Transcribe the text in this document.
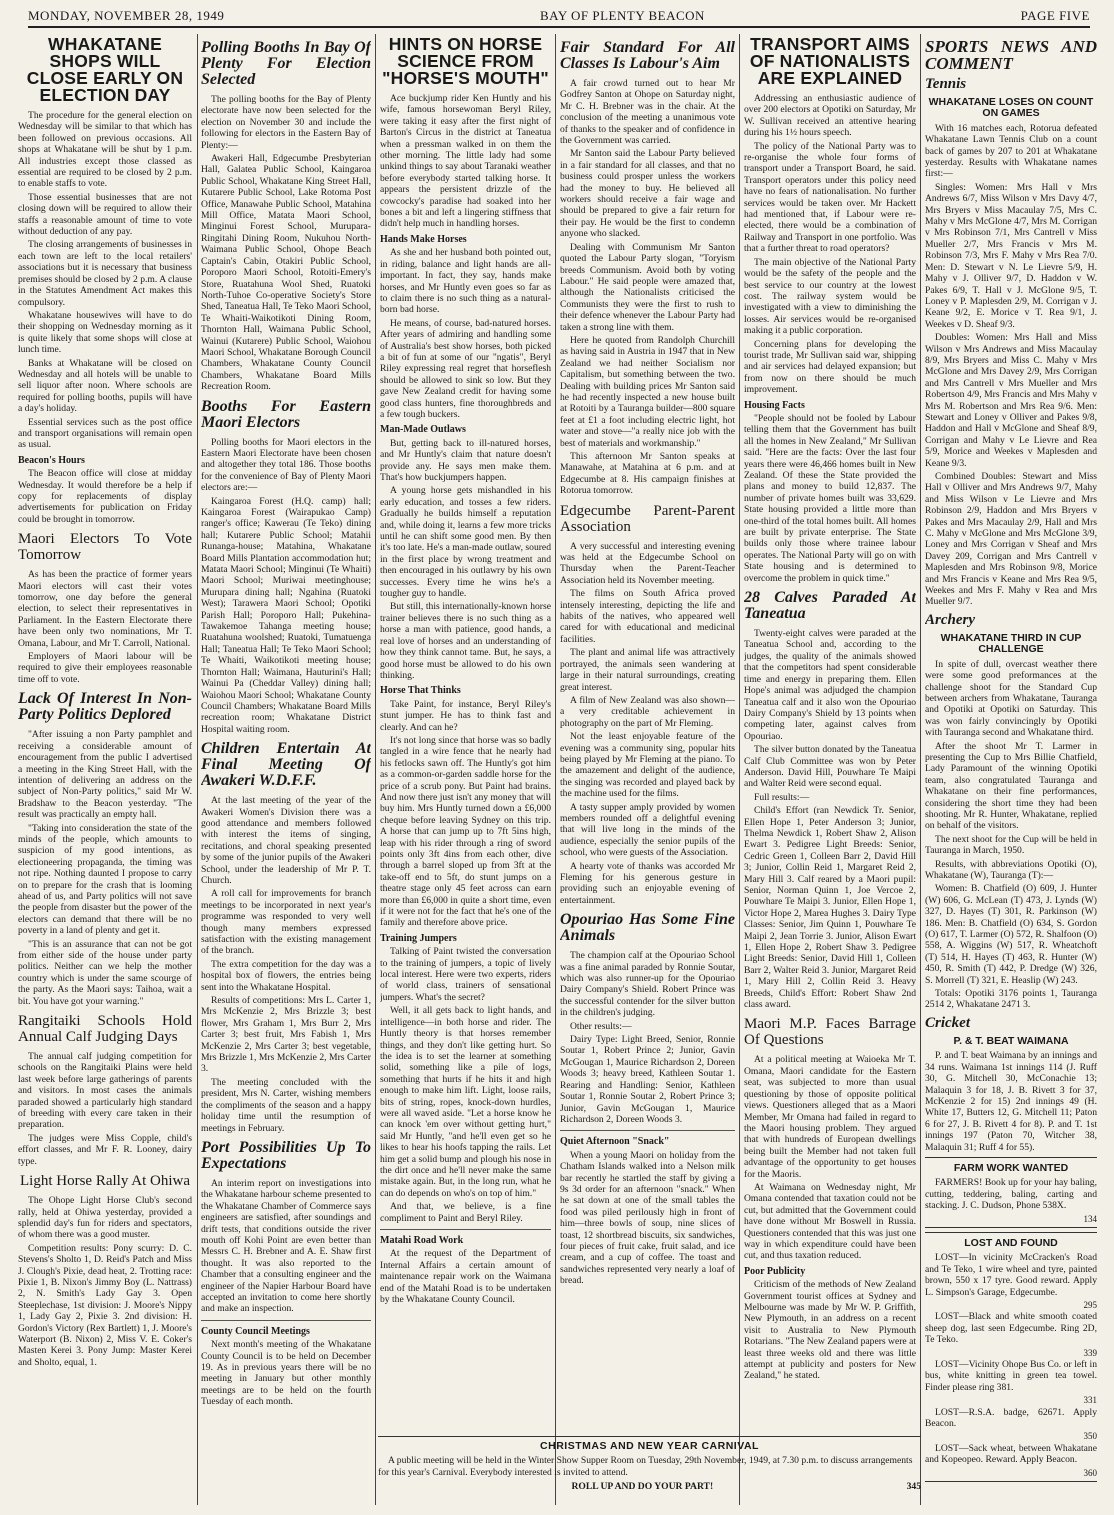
MONDAY, NOVEMBER 28, 1949	BAY OF PLENTY BEACON	PAGE FIVE
WHAKATANE SHOPS WILL CLOSE EARLY ON ELECTION DAY

The procedure for the general election on Wednesday will be similar to that which has been followed on previous occasions. All shops at Whakatane will be shut by 1 p.m. All industries except those classed as essential are required to be closed by 2 p.m. to enable staffs to vote.

Those essential businesses that are not closing down will be required to allow their staffs a reasonable amount of time to vote without deduction of any pay.

The closing arrangements of businesses in each town are left to the local retailers' associations but it is necessary that business premises should be closed by 2 p.m. A clause in the Statutes Amendment Act makes this compulsory.

Whakatane housewives will have to do their shopping on Wednesday morning as it is quite likely that some shops will close at lunch time.

Banks at Whakatane will be closed on Wednesday and all hotels will be unable to sell liquor after noon. Where schools are required for polling booths, pupils will have a day's holiday.

Essential services such as the post office and transport organisations will remain open as usual.

Beacon's Hours

The Beacon office will close at midday Wednesday. It would therefore be a help if copy for replacements of display advertisements for publication on Friday could be brought in tomorrow.

Maori Electors To Vote Tomorrow

As has been the practice of former years Maori electors will cast their votes tomorrow, one day before the general election, to select their representatives in Parliament. In the Eastern Electorate there have been only two nominations, Mr T. Omana, Labour, and Mr T. Carroll, National.

Employers of Maori labour will be required to give their employees reasonable time off to vote.

Lack Of Interest In Non-Party Politics Deplored

"After issuing a non Party pamphlet and receiving a considerable amount of encouragement from the public I advertised a meeting in the King Street Hall, with the intention of delivering an address on the subject of Non-Party politics," said Mr W. Bradshaw to the Beacon yesterday. "The result was practically an empty hall.

"Taking into consideration the state of the minds of the people, which amounts to suspicion of my good intentions, as electioneering propaganda, the timing was not ripe. Nothing daunted I propose to carry on to prepare for the crash that is looming ahead of us, and Party politics will not save the people from disaster but the power of the electors can demand that there will be no poverty in a land of plenty and get it.

"This is an assurance that can not be got from either side of the house under party politics. Neither can we help the mother country which is under the same scourge of the party. As the Maori says: Taihoa, wait a bit. You have got your warning."

Rangitaiki Schools Hold Annual Calf Judging Days

The annual calf judging competition for schools on the Rangitaiki Plains were held last week before large gatherings of parents and visitors. In most cases the animals paraded showed a particularly high standard of breeding with every care taken in their preparation.

The judges were Miss Copple, child's effort classes, and Mr F. R. Looney, dairy type.

Light Horse Rally At Ohiwa

The Ohope Light Horse Club's second rally, held at Ohiwa yesterday, provided a splendid day's fun for riders and spectators, of whom there was a good muster.

Competition results: Pony scurry: D. C. Stevens's Sholto 1, D. Reid's Patch and Miss J. Clough's Pixie, dead heat, 2. Trotting race: Pixie 1, B. Nixon's Jimmy Boy (L. Nattrass) 2, N. Smith's Lady Gay 3. Open Steeplechase, 1st division: J. Moore's Nippy 1, Lady Gay 2, Pixie 3. 2nd division: H. Gordon's Victory (Rex Bartlett) 1, J. Moore's Waterport (B. Nixon) 2, Miss V. E. Coker's Masten Kerei 3. Pony Jump: Master Kerei and Sholto, equal, 1.

Polling Booths In Bay Of Plenty For Election Selected

The polling booths for the Bay of Plenty electorate have now been selected for the election on November 30 and include the following for electors in the Eastern Bay of Plenty:—

Awakeri Hall, Edgecumbe Presbyterian Hall, Galatea Public School, Kaingaroa Public School, Whakatane King Street Hall, Kutarere Public School, Lake Rotoma Post Office, Manawahe Public School, Matahina Mill Office, Matata Maori School, Minginui Forest School, Murupara-Ringitahi Dining Room, Nukuhou North-Waimana Public School, Ohope Beach Captain's Cabin, Otakiri Public School, Poroporo Maori School, Rotoiti-Emery's Store, Ruatahuna Wool Shed, Ruatoki North-Tuhoe Co-operative Society's Store Shed, Taneatua Hall, Te Teko Maori School, Te Whaiti-Waikotikoti Dining Room, Thornton Hall, Waimana Public School, Wainui (Kutarere) Public School, Waiohou Maori School, Whakatane Borough Council Chambers, Whakatane County Council Chambers, Whakatane Board Mills Recreation Room.

Booths For Eastern Maori Electors

Polling booths for Maori electors in the Eastern Maori Electorate have been chosen and altogether they total 186. Those booths for the convenience of Bay of Plenty Maori electors are:—

Kaingaroa Forest (H.Q. camp) hall; Kaingaroa Forest (Wairapukao Camp) ranger's office; Kawerau (Te Teko) dining hall; Kutarere Public School; Matahii Runanga-house; Matahina, Whakatane Board Mills Plantation accommodation hut; Matata Maori School; Minginui (Te Whaiti) Maori School; Muriwai meetinghouse; Murupara dining hall; Ngahina (Ruatoki West); Tarawera Maori School; Opotiki Parish Hall; Poroporo Hall; Pukehina-Tawakemoe Tahanga meeting house; Ruatahuna woolshed; Ruatoki, Tumatuenga Hall; Taneatua Hall; Te Teko Maori School; Te Whaiti, Waikotikoti meeting house; Thornton Hall; Waimana, Hauturini's Hall; Wainui Pa (Cheddar Valley) dining hall; Waiohou Maori School; Whakatane County Council Chambers; Whakatane Board Mills recreation room; Whakatane District Hospital waiting room.

Children Entertain At Final Meeting Of Awakeri W.D.F.F.

At the last meeting of the year of the Awakeri Women's Division there was a good attendance and members followed with interest the items of singing, recitations, and choral speaking presented by some of the junior pupils of the Awakeri School, under the leadership of Mr P. T. Church.

A roll call for improvements for branch meetings to be incorporated in next year's programme was responded to very well though many members expressed satisfaction with the existing management of the branch.

The extra competition for the day was a hospital box of flowers, the entries being sent into the Whakatane Hospital.

Results of competitions: Mrs L. Carter 1, Mrs McKenzie 2, Mrs Brizzle 3; best flower, Mrs Graham 1, Mrs Burr 2, Mrs Carter 3; best fruit, Mrs Fabish 1, Mrs McKenzie 2, Mrs Carter 3; best vegetable, Mrs Brizzle 1, Mrs McKenzie 2, Mrs Carter 3.

The meeting concluded with the president, Mrs N. Carter, wishing members the compliments of the season and a happy holiday time until the resumption of meetings in February.

Port Possibilities Up To Expectations

An interim report on investigations into the Whakatane harbour scheme presented to the Whakatane Chamber of Commerce says engineers are satisfied, after soundings and drift tests, that conditions outside the river mouth off Kohi Point are even better than Messrs C. H. Brebner and A. E. Shaw first thought. It was also reported to the Chamber that a consulting engineer and the engineer of the Napier Harbour Board have accepted an invitation to come here shortly and make an inspection.

County Council Meetings

Next month's meeting of the Whakatane County Council is to be held on December 19. As in previous years there will be no meeting in January but other monthly meetings are to be held on the fourth Tuesday of each month.

HINTS ON HORSE SCIENCE FROM "HORSE'S MOUTH"

Ace buckjump rider Ken Huntly and his wife, famous horsewoman Beryl Riley, were taking it easy after the first night of Barton's Circus in the district at Taneatua when a pressman walked in on them the other morning. The little lady had some unkind things to say about Taranaki weather before everybody started talking horse. It appears the persistent drizzle of the cowcocky's paradise had soaked into her bones a bit and left a lingering stiffness that didn't help much in handling horses.

Hands Make Horses

As she and her husband both pointed out, in riding, balance and light hands are all-important. In fact, they say, hands make horses, and Mr Huntly even goes so far as to claim there is no such thing as a natural-born bad horse.

He means, of course, bad-natured horses. After years of admiring and handling some of Australia's best show horses, both picked a bit of fun at some of our "ngatis", Beryl Riley expressing real regret that horseflesh should be allowed to sink so low. But they gave New Zealand credit for having some good class hunters, fine thoroughbreds and a few tough buckers.

Man-Made Outlaws

But, getting back to ill-natured horses, and Mr Huntly's claim that nature doesn't provide any. He says men make them. That's how buckjumpers happen.

A young horse gets mishandled in his early education, and tosses a few riders. Gradually he builds himself a reputation and, while doing it, learns a few more tricks until he can shift some good men. By then it's too late. He's a man-made outlaw, soured in the first place by wrong treatment and then encouraged in his outlawry by his own successes. Every time he wins he's a tougher guy to handle.

But still, this internationally-known horse trainer believes there is no such thing as a horse a man with patience, good hands, a real love of horses and an understanding of how they think cannot tame. But, he says, a good horse must be allowed to do his own thinking.

Horse That Thinks

Take Paint, for instance, Beryl Riley's stunt jumper. He has to think fast and clearly. And can he?

It's not long since that horse was so badly tangled in a wire fence that he nearly had his fetlocks sawn off. The Huntly's got him as a common-or-garden saddle horse for the price of a scrub pony. But Paint had brains. And now there just isn't any money that will buy him. Mrs Huntly turned down a £6,000 cheque before leaving Sydney on this trip. A horse that can jump up to 7ft 5ins high, leap with his rider through a ring of sword points only 3ft 4ins from each other, dive through a barrel sloped up from 3ft at the take-off end to 5ft, do stunt jumps on a theatre stage only 45 feet across can earn more than £6,000 in quite a short time, even if it were not for the fact that he's one of the family and therefore above price.

Training Jumpers

Talking of Paint twisted the conversation to the training of jumpers, a topic of lively local interest. Here were two experts, riders of world class, trainers of sensational jumpers. What's the secret?

Well, it all gets back to light hands, and intelligence—in both horse and rider. The Huntly theory is that horses remember things, and they don't like getting hurt. So the idea is to set the learner at something solid, something like a pile of logs, something that hurts if he hits it and high enough to make him lift. Light, loose rails, bits of string, ropes, knock-down hurdles, were all waved aside. "Let a horse know he can knock 'em over without getting hurt," said Mr Huntly, "and he'll even get so he likes to hear his hoofs tapping the rails. Let him get a solid bump and plough his nose in the dirt once and he'll never make the same mistake again. But, in the long run, what he can do depends on who's on top of him."

And that, we believe, is a fine compliment to Paint and Beryl Riley.

Matahi Road Work

At the request of the Department of Internal Affairs a certain amount of maintenance repair work on the Waimana end of the Matahi Road is to be undertaken by the Whakatane County Council.

Fair Standard For All Classes Is Labour's Aim

A fair crowd turned out to hear Mr Godfrey Santon at Ohope on Saturday night, Mr C. H. Brebner was in the chair. At the conclusion of the meeting a unanimous vote of thanks to the speaker and of confidence in the Government was carried.

Mr Santon said the Labour Party believed in a fair standard for all classes, and that no business could prosper unless the workers had the money to buy. He believed all workers should receive a fair wage and should be prepared to give a fair return for their pay. He would be the first to condemn anyone who slacked.

Dealing with Communism Mr Santon quoted the Labour Party slogan, "Toryism breeds Communism. Avoid both by voting Labour." He said people were amazed that, although the Nationalists criticised the Communists they were the first to rush to their defence whenever the Labour Party had taken a strong line with them.

Here he quoted from Randolph Churchill as having said in Austria in 1947 that in New Zealand we had neither Socialism nor Capitalism, but something between the two. Dealing with building prices Mr Santon said he had recently inspected a new house built at Rotoiti by a Tauranga builder—800 square feet at £1 a foot including electric light, hot water and stove—"a really nice job with the best of materials and workmanship."

This afternoon Mr Santon speaks at Manawahe, at Matahina at 6 p.m. and at Edgecumbe at 8. His campaign finishes at Rotorua tomorrow.

Edgecumbe Parent-Parent Association

A very successful and interesting evening was held at the Edgecumbe School on Thursday when the Parent-Teacher Association held its November meeting.

The films on South Africa proved intensely interesting, depicting the life and habits of the natives, who appeared well cared for with educational and medicinal facilities.

The plant and animal life was attractively portrayed, the animals seen wandering at large in their natural surroundings, creating great interest.

A film of New Zealand was also shown—a very creditable achievement in photography on the part of Mr Fleming.

Not the least enjoyable feature of the evening was a community sing, popular hits being played by Mr Fleming at the piano. To the amazement and delight of the audience, the singing was recorded and played back by the machine used for the films.

A tasty supper amply provided by women members rounded off a delightful evening that will live long in the minds of the audience, especially the senior pupils of the school, who were guests of the Association.

A hearty vote of thanks was accorded Mr Fleming for his generous gesture in providing such an enjoyable evening of entertainment.

Opouriao Has Some Fine Animals

The champion calf at the Opouriao School was a fine animal paraded by Ronnie Soutar, which was also runner-up for the Opouriao Dairy Company's Shield. Robert Prince was the successful contender for the silver button in the children's judging.

Other results:—

Dairy Type: Light Breed, Senior, Ronnie Soutar 1, Robert Prince 2; Junior, Gavin McGougan 1, Maurice Richardson 2, Doreen Woods 3; heavy breed, Kathleen Soutar 1. Rearing and Handling: Senior, Kathleen Soutar 1, Ronnie Soutar 2, Robert Prince 3; Junior, Gavin McGougan 1, Maurice Richardson 2, Doreen Woods 3.

Quiet Afternoon "Snack"

When a young Maori on holiday from the Chatham Islands walked into a Nelson milk bar recently he startled the staff by giving a 9s 3d order for an afternoon "snack." When he sat down at one of the small tables the food was piled perilously high in front of him—three bowls of soup, nine slices of toast, 12 shortbread biscuits, six sandwiches, four pieces of fruit cake, fruit salad, and ice cream, and a cup of coffee. The toast and sandwiches represented very nearly a loaf of bread.

TRANSPORT AIMS OF NATIONALISTS ARE EXPLAINED

Addressing an enthusiastic audience of over 200 electors at Opotiki on Saturday, Mr W. Sullivan received an attentive hearing during his 1½ hours speech.

The policy of the National Party was to re-organise the whole four forms of transport under a Transport Board, he said. Transport operators under this policy need have no fears of nationalisation. No further services would be taken over. Mr Hackett had mentioned that, if Labour were re-elected, there would be a combination of Railway and Transport in one portfolio. Was that a further threat to road operators?

The main objective of the National Party would be the safety of the people and the best service to our country at the lowest cost. The railway system would be investigated with a view to diminishing the losses. Air services would be re-organised making it a public corporation.

Concerning plans for developing the tourist trade, Mr Sullivan said war, shipping and air services had delayed expansion; but from now on there should be much improvement.

Housing Facts

"People should not be fooled by Labour telling them that the Government has built all the homes in New Zealand," Mr Sullivan said. "Here are the facts: Over the last four years there were 46,466 homes built in New Zealand. Of these the State provided the plans and money to build 12,837. The number of private homes built was 33,629. State housing provided a little more than one-third of the total homes built. All homes are built by private enterprise. The State builds only those where trainee labour operates. The National Party will go on with State housing and is determined to overcome the problem in quick time."

28 Calves Paraded At Taneatua

Twenty-eight calves were paraded at the Taneatua School and, according to the judges, the quality of the animals showed that the competitors had spent considerable time and energy in preparing them. Ellen Hope's animal was adjudged the champion Taneatua calf and it also won the Opouriao Dairy Company's Shield by 13 points when competing later, against calves from Opouriao.

The silver button donated by the Taneatua Calf Club Committee was won by Peter Anderson. David Hill, Pouwhare Te Maipi and Walter Reid were second equal.

Full results:—

Child's Effort (ran Newdick Tr. Senior, Ellen Hope 1, Peter Anderson 3; Junior, Thelma Newdick 1, Robert Shaw 2, Alison Ewart 3. Pedigree Light Breeds: Senior, Cedric Green 1, Colleen Barr 2, David Hill 3; Junior, Collin Reid 1, Margaret Reid 2, Mary Hill 3. Calf reared by a Maori pupil: Senior, Norman Quinn 1, Joe Vercoe 2, Pouwhare Te Maipi 3. Junior, Ellen Hope 1, Victor Hope 2, Marea Hughes 3. Dairy Type Classes: Senior, Jim Quinn 1, Pouwhare Te Maipi 2, Jean Torrie 3. Junior, Alison Ewart 1, Ellen Hope 2, Robert Shaw 3. Pedigree Light Breeds: Senior, David Hill 1, Colleen Barr 2, Walter Reid 3. Junior, Margaret Reid 1, Mary Hill 2, Collin Reid 3. Heavy Breeds, Child's Effort: Robert Shaw 2nd class award.

Maori M.P. Faces Barrage Of Questions

At a political meeting at Waioeka Mr T. Omana, Maori candidate for the Eastern seat, was subjected to more than usual questioning by those of opposite political views. Questioners alleged that as a Maori Member, Mr Omana had failed in regard to the Maori housing problem. They argued that with hundreds of European dwellings being built the Member had not taken full advantage of the opportunity to get houses for the Maoris.

At Waimana on Wednesday night, Mr Omana contended that taxation could not be cut, but admitted that the Government could have done without Mr Boswell in Russia. Questioners contended that this was just one way in which expenditure could have been cut, and thus taxation reduced.

Poor Publicity

Criticism of the methods of New Zealand Government tourist offices at Sydney and Melbourne was made by Mr W. P. Griffith, New Plymouth, in an address on a recent visit to Australia to New Plymouth Rotarians. "The New Zealand papers were at least three weeks old and there was little attempt at publicity and posters for New Zealand," he stated.

SPORTS NEWS AND COMMENT
Tennis
WHAKATANE LOSES ON COUNT ON GAMES

With 16 matches each, Rotorua defeated Whakatane Lawn Tennis Club on a count back of games by 207 to 201 at Whakatane yesterday. Results with Whakatane names first:—

Singles: Women: Mrs Hall v Mrs Andrews 6/7, Miss Wilson v Mrs Davy 4/7, Mrs Bryers v Miss Macaulay 7/5, Mrs C. Mahy v Mrs McGlone 4/7, Mrs M. Corrigan v Mrs Robinson 7/1, Mrs Cantrell v Miss Mueller 2/7, Mrs Francis v Mrs M. Robinson 7/3, Mrs F. Mahy v Mrs Rea 7/0. Men: D. Stewart v N. Le Lievre 5/9, H. Mahy v J. Olliver 9/7, D. Haddon v W. Pakes 6/9, T. Hall v J. McGlone 9/5, T. Loney v P. Maplesden 2/9, M. Corrigan v J. Keane 9/2, E. Morice v T. Rea 9/1, J. Weekes v D. Sheaf 9/3.

Doubles: Women: Mrs Hall and Miss Wilson v Mrs Andrews and Miss Macaulay 8/9, Mrs Bryers and Miss C. Mahy v Mrs McGlone and Mrs Davey 2/9, Mrs Corrigan and Mrs Cantrell v Mrs Mueller and Mrs Robertson 4/9, Mrs Francis and Mrs Mahy v Mrs M. Robertson and Mrs Rea 9/6. Men: Stewart and Loney v Olliver and Pakes 9/8, Haddon and Hall v McGlone and Sheaf 8/9, Corrigan and Mahy v Le Lievre and Rea 5/9, Morice and Weekes v Maplesden and Keane 9/3.

Combined Doubles: Stewart and Miss Hall v Olliver and Mrs Andrews 9/7, Mahy and Miss Wilson v Le Lievre and Mrs Robinson 2/9, Haddon and Mrs Bryers v Pakes and Mrs Macaulay 2/9, Hall and Mrs C. Mahy v McGlone and Mrs McGlone 3/9, Loney and Mrs Corrigan v Sheaf and Mrs Davey 209, Corrigan and Mrs Cantrell v Maplesden and Mrs Robinson 9/8, Morice and Mrs Francis v Keane and Mrs Rea 9/5, Weekes and Mrs F. Mahy v Rea and Mrs Mueller 9/7.

Archery
WHAKATANE THIRD IN CUP CHALLENGE

In spite of dull, overcast weather there were some good preformances at the challenge shoot for the Standard Cup between archers from Whakatane, Tauranga and Opotiki at Opotiki on Saturday. This was won fairly convincingly by Opotiki with Tauranga second and Whakatane third.

After the shoot Mr T. Larmer in presenting the Cup to Mrs Billie Chatfield, Lady Paramount of the winning Opotiki team, also congratulated Tauranga and Whakatane on their fine performances, considering the short time they had been shooting. Mr R. Hunter, Whakatane, replied on behalf of the visitors.

The next shoot for the Cup will be held in Tauranga in March, 1950.

Results, with abbreviations Opotiki (O), Whakatane (W), Tauranga (T):—

Women: B. Chatfield (O) 609, J. Hunter (W) 606, G. McLean (T) 473, J. Lynds (W) 327, D. Hayes (T) 301, R. Parkinson (W) 186. Men: B. Chatfield (O) 634, S. Gordon (O) 617, T. Larmer (O) 572, R. Shalfoon (O) 558, A. Wiggins (W) 517, R. Wheatchoft (T) 514, H. Hayes (T) 463, R. Hunter (W) 450, R. Smith (T) 442, P. Dredge (W) 326, S. Morrell (T) 321, E. Heaslip (W) 243.

Totals: Opotiki 3176 points 1, Tauranga 2514 2, Whakatane 2471 3.

Cricket
P. & T. BEAT WAIMANA

P. and T. beat Waimana by an innings and 34 runs. Waimana 1st innings 114 (J. Ruff 30, G. Mitchell 30, McConachie 13; Malaquin 3 for 18, J. B. Rivett 3 for 37, McKenzie 2 for 15) 2nd innings 49 (H. White 17, Butters 12, G. Mitchell 11; Paton 6 for 27, J. B. Rivett 4 for 8). P. and T. 1st innings 197 (Paton 70, Witcher 38, Malaquin 31; Ruff 4 for 55).

FARM WORK WANTED

FARMERS! Book up for your hay baling, cutting, teddering, baling, carting and stacking. J. C. Dudson, Phone 538X.

134
LOST AND FOUND

LOST—In vicinity McCracken's Road and Te Teko, 1 wire wheel and tyre, painted brown, 550 x 17 tyre. Good reward. Apply L. Simpson's Garage, Edgecumbe.

295

LOST—Black and white smooth coated sheep dog, last seen Edgecumbe. Ring 2D, Te Teko.

339

LOST—Vicinity Ohope Bus Co. or left in bus, white knitting in green tea towel. Finder please ring 381.

331

LOST—R.S.A. badge, 62671. Apply Beacon.

350

LOST—Sack wheat, between Whakatane and Kopeopeo. Reward. Apply Beacon.

360
CHRISTMAS AND NEW YEAR CARNIVAL

A public meeting will be held in the Winter Show Supper Room on Tuesday, 29th November, 1949, at 7.30 p.m. to discuss arrangements for this year's Carnival. Everybody interested is invited to attend.

ROLL UP AND DO YOUR PART!	345
